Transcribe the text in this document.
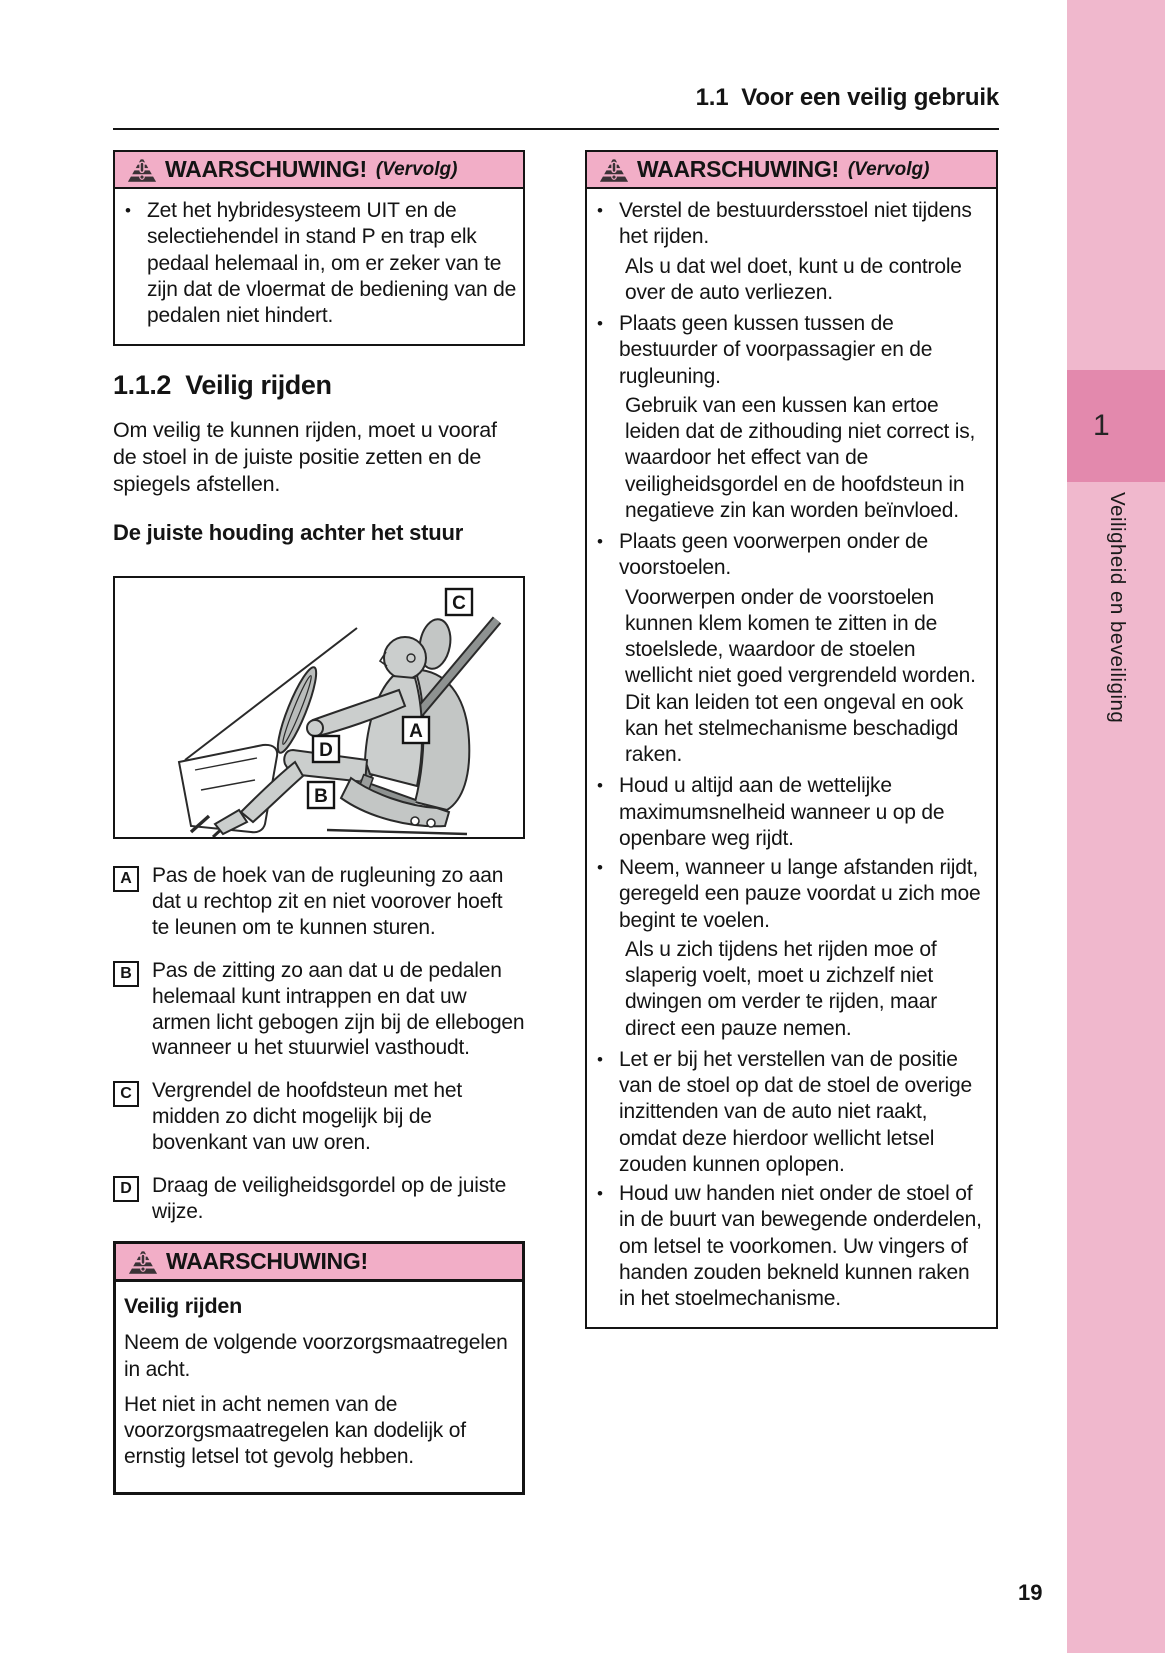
1.1  Voor een veilig gebruik
WAARSCHUWING! (Vervolg)
• Zet het hybridesysteem UIT en de selectiehendel in stand P en trap elk pedaal helemaal in, om er zeker van te zijn dat de vloermat de bediening van de pedalen niet hindert.

1.1.2  Veilig rijden

Om veilig te kunnen rijden, moet u vooraf de stoel in de juiste positie zetten en de spiegels afstellen.

De juiste houding achter het stuur
C
A
D
B
A Pas de hoek van de rugleuning zo aan dat u rechtop zit en niet voorover hoeft te leunen om te kunnen sturen.

B Pas de zitting zo aan dat u de pedalen helemaal kunt intrappen en dat uw armen licht gebogen zijn bij de ellebogen wanneer u het stuurwiel vasthoudt.

C Vergrendel de hoofdsteun met het midden zo dicht mogelijk bij de bovenkant van uw oren.

D Draag de veiligheidsgordel op de juiste wijze.

WAARSCHUWING!

Veilig rijden

Neem de volgende voorzorgsmaatregelen in acht.

Het niet in acht nemen van de voorzorgsmaatregelen kan dodelijk of ernstig letsel tot gevolg hebben.

WAARSCHUWING! (Vervolg)
• Verstel de bestuurdersstoel niet tijdens het rijden.

Als u dat wel doet, kunt u de controle over de auto verliezen.

• Plaats geen kussen tussen de bestuurder of voorpassagier en de rugleuning.

Gebruik van een kussen kan ertoe leiden dat de zithouding niet correct is, waardoor het effect van de veiligheidsgordel en de hoofdsteun in negatieve zin kan worden beïnvloed.

• Plaats geen voorwerpen onder de voorstoelen.

Voorwerpen onder de voorstoelen kunnen klem komen te zitten in de stoelslede, waardoor de stoelen wellicht niet goed vergrendeld worden. Dit kan leiden tot een ongeval en ook kan het stelmechanisme beschadigd raken.

• Houd u altijd aan de wettelijke maximumsnelheid wanneer u op de openbare weg rijdt.

• Neem, wanneer u lange afstanden rijdt, geregeld een pauze voordat u zich moe begint te voelen.

Als u zich tijdens het rijden moe of slaperig voelt, moet u zichzelf niet dwingen om verder te rijden, maar direct een pauze nemen.

• Let er bij het verstellen van de positie van de stoel op dat de stoel de overige inzittenden van de auto niet raakt, omdat deze hierdoor wellicht letsel zouden kunnen oplopen.

• Houd uw handen niet onder de stoel of in de buurt van bewegende onderdelen, om letsel te voorkomen. Uw vingers of handen zouden bekneld kunnen raken in het stoelmechanisme.

1
Veiligheid en beveiliging
19
